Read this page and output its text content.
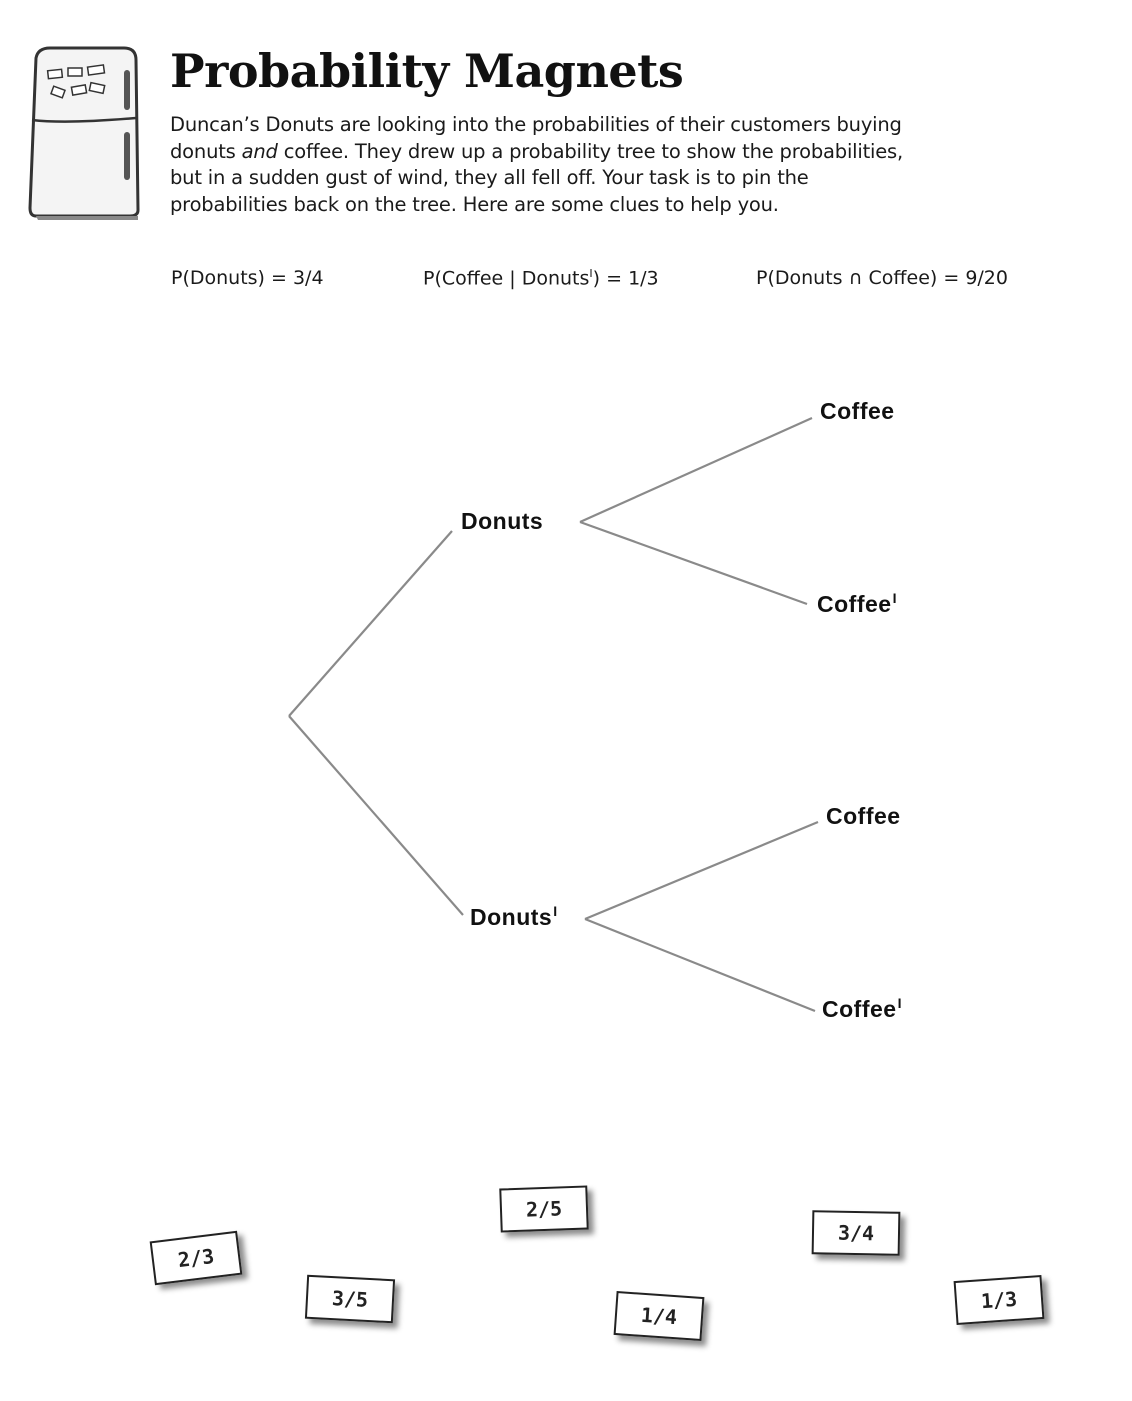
Probability Magnets

Duncan’s Donuts are looking into the probabilities of their customers buying donuts and coffee. They drew up a probability tree to show the probabilities, but in a sudden gust of wind, they all fell off. Your task is to pin the probabilities back on the tree. Here are some clues to help you.

P(Donuts) = 3/4	P(Coffee | Donuts$^I$) = 1/3	P(Donuts ∩ Coffee) = 9/20
Donuts
Donuts$^I$
Coffee
Coffee$^I$
Coffee
Coffee$^I$
2/3
3/5
2/5
1/4
3/4
1/3
